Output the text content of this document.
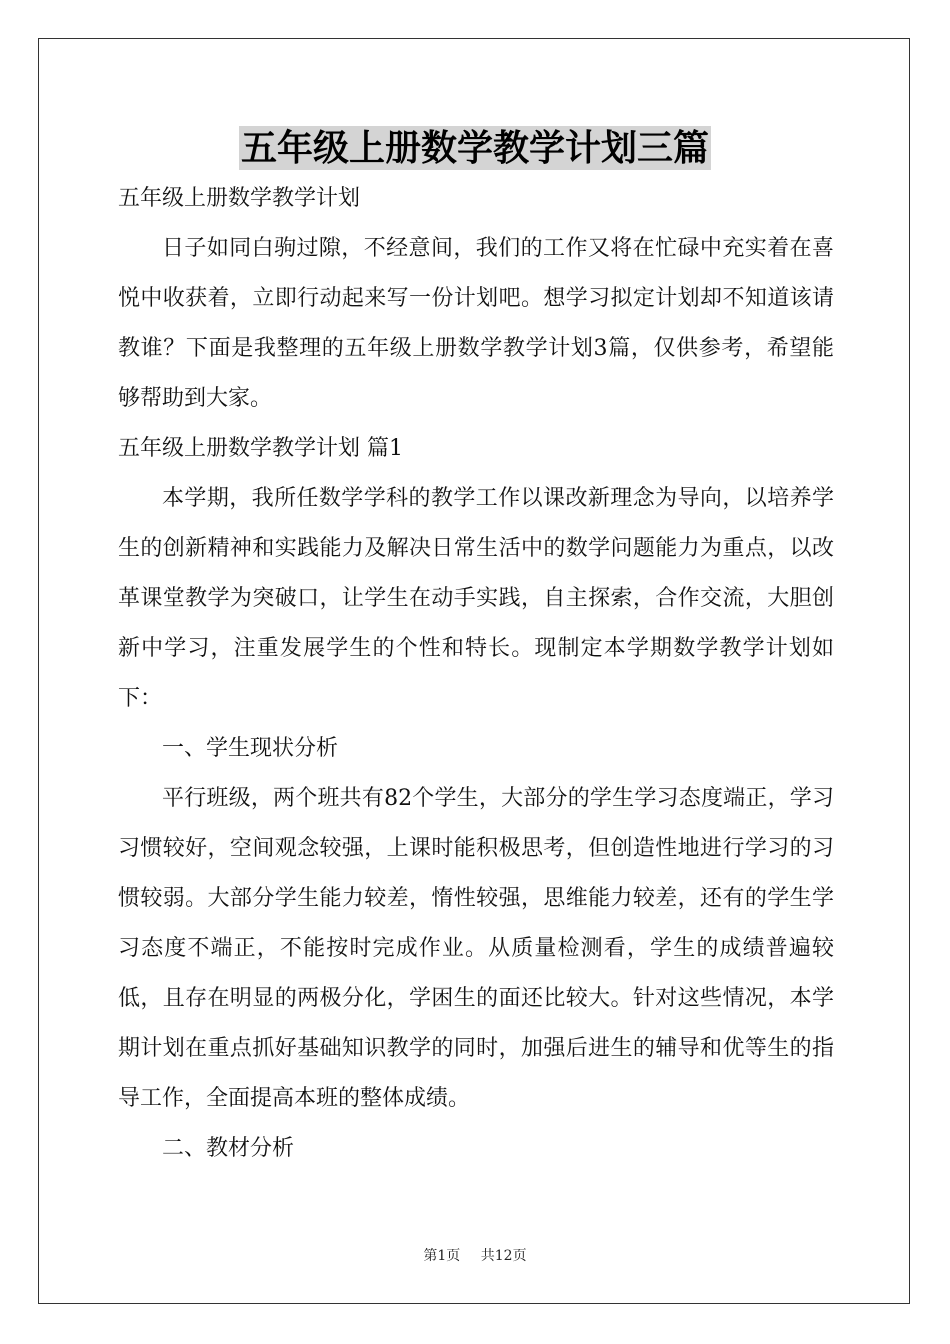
五年级上册数学教学计划三篇

五年级上册数学教学计划

日子如同白驹过隙，不经意间，我们的工作又将在忙碌中充实着在喜悦中收获着，立即行动起来写一份计划吧。想学习拟定计划却不知道该请教谁？下面是我整理的五年级上册数学教学计划3篇，仅供参考，希望能够帮助到大家。

五年级上册数学教学计划 篇1

本学期，我所任数学学科的教学工作以课改新理念为导向，以培养学生的创新精神和实践能力及解决日常生活中的数学问题能力为重点，以改革课堂教学为突破口，让学生在动手实践，自主探索，合作交流，大胆创新中学习，注重发展学生的个性和特长。现制定本学期数学教学计划如下：

一、学生现状分析

平行班级，两个班共有82个学生，大部分的学生学习态度端正，学习习惯较好，空间观念较强，上课时能积极思考，但创造性地进行学习的习惯较弱。大部分学生能力较差，惰性较强，思维能力较差，还有的学生学习态度不端正，不能按时完成作业。从质量检测看，学生的成绩普遍较低，且存在明显的两极分化，学困生的面还比较大。针对这些情况，本学期计划在重点抓好基础知识教学的同时，加强后进生的辅导和优等生的指导工作，全面提高本班的整体成绩。

二、教材分析

第1页 共12页
